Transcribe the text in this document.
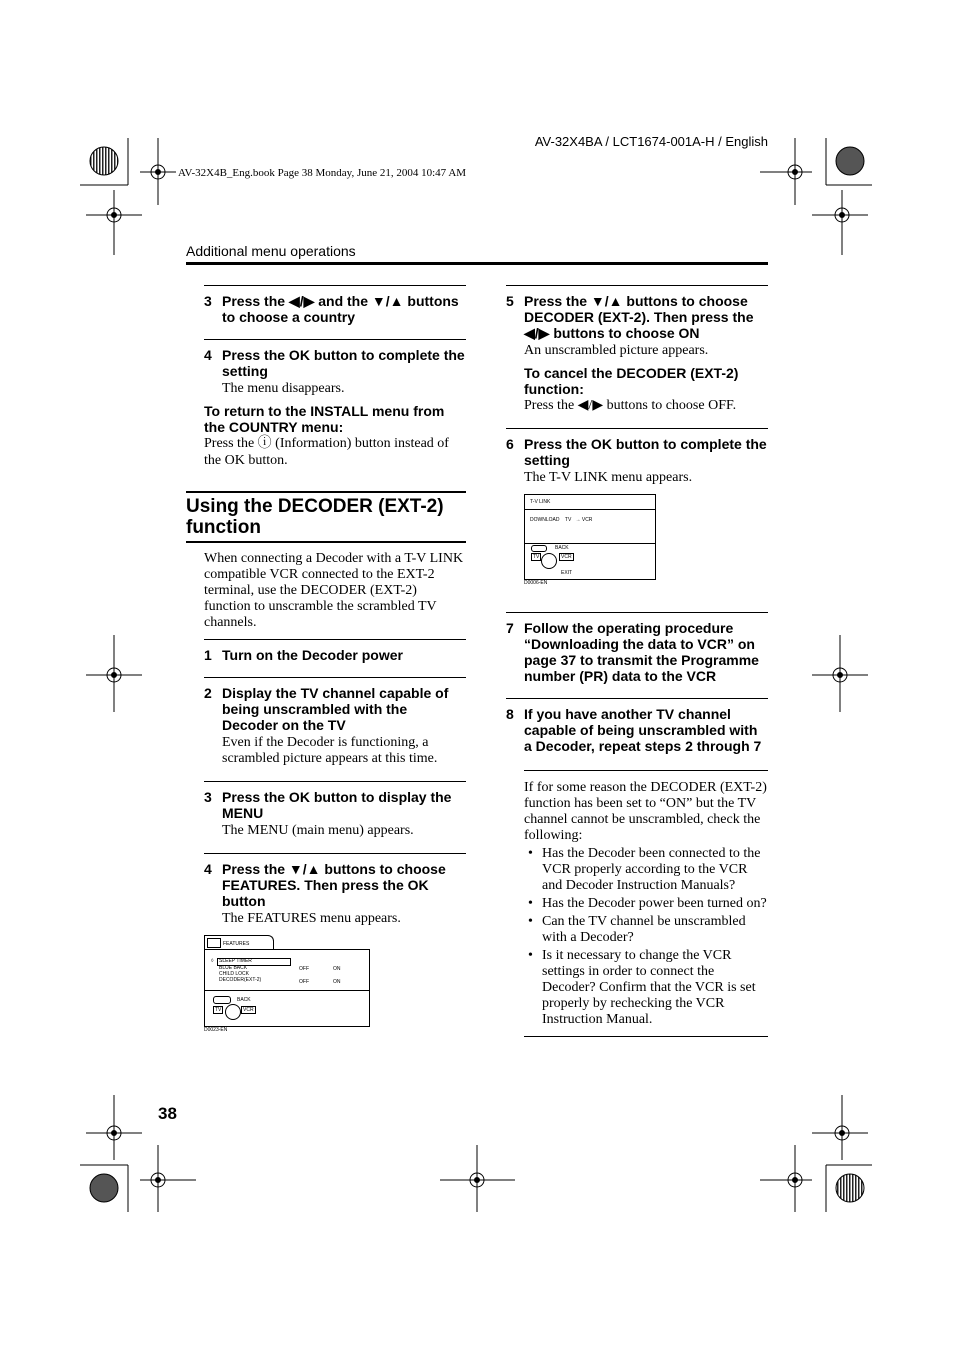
AV-32X4BA / LCT1674-001A-H / English
AV-32X4B_Eng.book Page 38 Monday, June 21, 2004 10:47 AM
Additional menu operations
3 Press the ◀/▶ and the ▼/▲ buttons to choose a country
4 Press the OK button to complete the setting
The menu disappears.
To return to the INSTALL menu from the COUNTRY menu:
Press the ⓘ (Information) button instead of the OK button.
Using the DECODER (EXT-2) function
When connecting a Decoder with a T-V LINK compatible VCR connected to the EXT-2 terminal, use the DECODER (EXT-2) function to unscramble the scrambled TV channels.
1 Turn on the Decoder power
2 Display the TV channel capable of being unscrambled with the Decoder on the TV
Even if the Decoder is functioning, a scrambled picture appears at this time.
3 Press the OK button to display the MENU
The MENU (main menu) appears.
4 Press the ▼/▲ buttons to choose FEATURES. Then press the OK button
The FEATURES menu appears.
FEATURES
◊ SLEEP TIMER
BLUE BACK
CHILD LOCK
DECODER(EXT-2)
OFF	ON
OFF	ON
BACK
TV	VCR
D0023-EN
5 Press the ▼/▲ buttons to choose DECODER (EXT-2). Then press the ◀/▶ buttons to choose ON
An unscrambled picture appears.
To cancel the DECODER (EXT-2) function:
Press the ◀/▶ buttons to choose OFF.
6 Press the OK button to complete the setting
The T-V LINK menu appears.
T-V LINK
DOWNLOAD    TV   → VCR
BACK
TV	VCR
EXIT
D0006-EN
7 Follow the operating procedure “Downloading the data to VCR” on page 37 to transmit the Programme number (PR) data to the VCR
8 If you have another TV channel capable of being unscrambled with a Decoder, repeat steps 2 through 7
If for some reason the DECODER (EXT-2) function has been set to “ON” but the TV channel cannot be unscrambled, check the following:
• Has the Decoder been connected to the VCR properly according to the VCR and Decoder Instruction Manuals?
• Has the Decoder power been turned on?
• Can the TV channel be unscrambled with a Decoder?
• Is it necessary to change the VCR settings in order to connect the Decoder? Confirm that the VCR is set properly by rechecking the VCR Instruction Manual.
38
